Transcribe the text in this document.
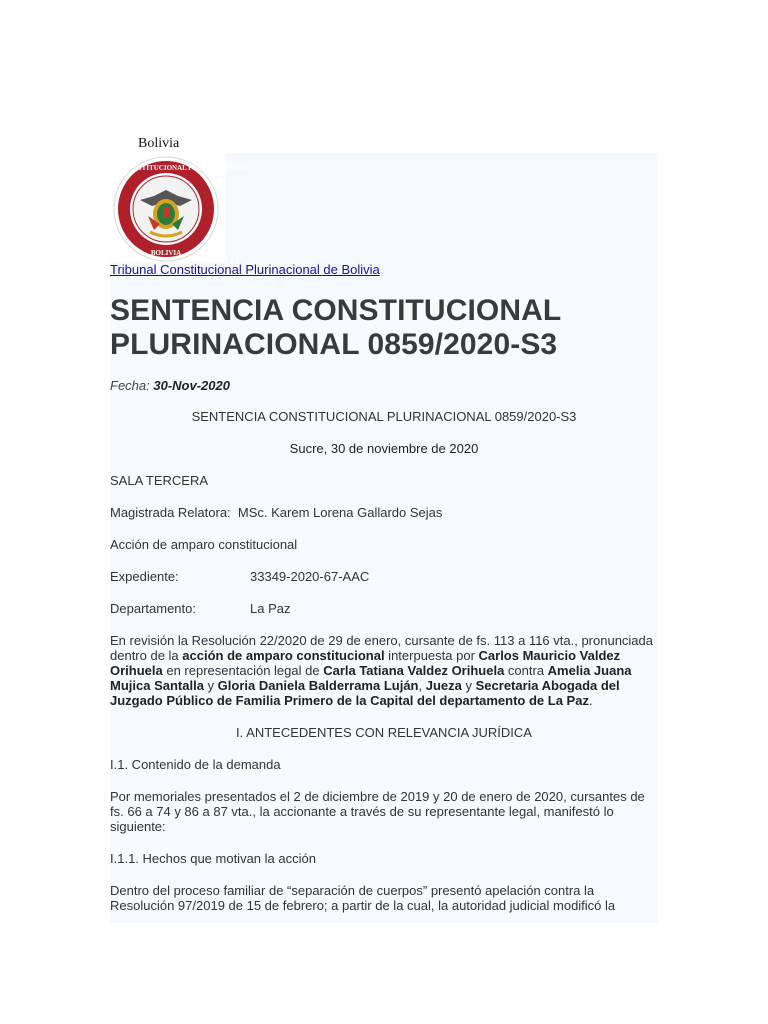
Bolivia
TRIBUNAL CONSTITUCIONAL PLURINACIONAL
BOLIVIA
Tribunal Constitucional Plurinacional de Bolivia
SENTENCIA CONSTITUCIONAL PLURINACIONAL 0859/2020-S3
Fecha: 30-Nov-2020
SENTENCIA CONSTITUCIONAL PLURINACIONAL 0859/2020-S3
Sucre, 30 de noviembre de 2020
SALA TERCERA
Magistrada Relatora: MSc. Karem Lorena Gallardo Sejas
Acción de amparo constitucional
Expediente:	33349-2020-67-AAC
Departamento:	La Paz
En revisión la Resolución 22/2020 de 29 de enero, cursante de fs. 113 a 116 vta., pronunciada dentro de la acción de amparo constitucional interpuesta por Carlos Mauricio Valdez Orihuela en representación legal de Carla Tatiana Valdez Orihuela contra Amelia Juana Mujica Santalla y Gloria Daniela Balderrama Luján, Jueza y Secretaria Abogada del Juzgado Público de Familia Primero de la Capital del departamento de La Paz.
I. ANTECEDENTES CON RELEVANCIA JURÍDICA
I.1. Contenido de la demanda
Por memoriales presentados el 2 de diciembre de 2019 y 20 de enero de 2020, cursantes de fs. 66 a 74 y 86 a 87 vta., la accionante a través de su representante legal, manifestó lo siguiente:
I.1.1. Hechos que motivan la acción
Dentro del proceso familiar de “separación de cuerpos” presentó apelación contra la Resolución 97/2019 de 15 de febrero; a partir de la cual, la autoridad judicial modificó la
